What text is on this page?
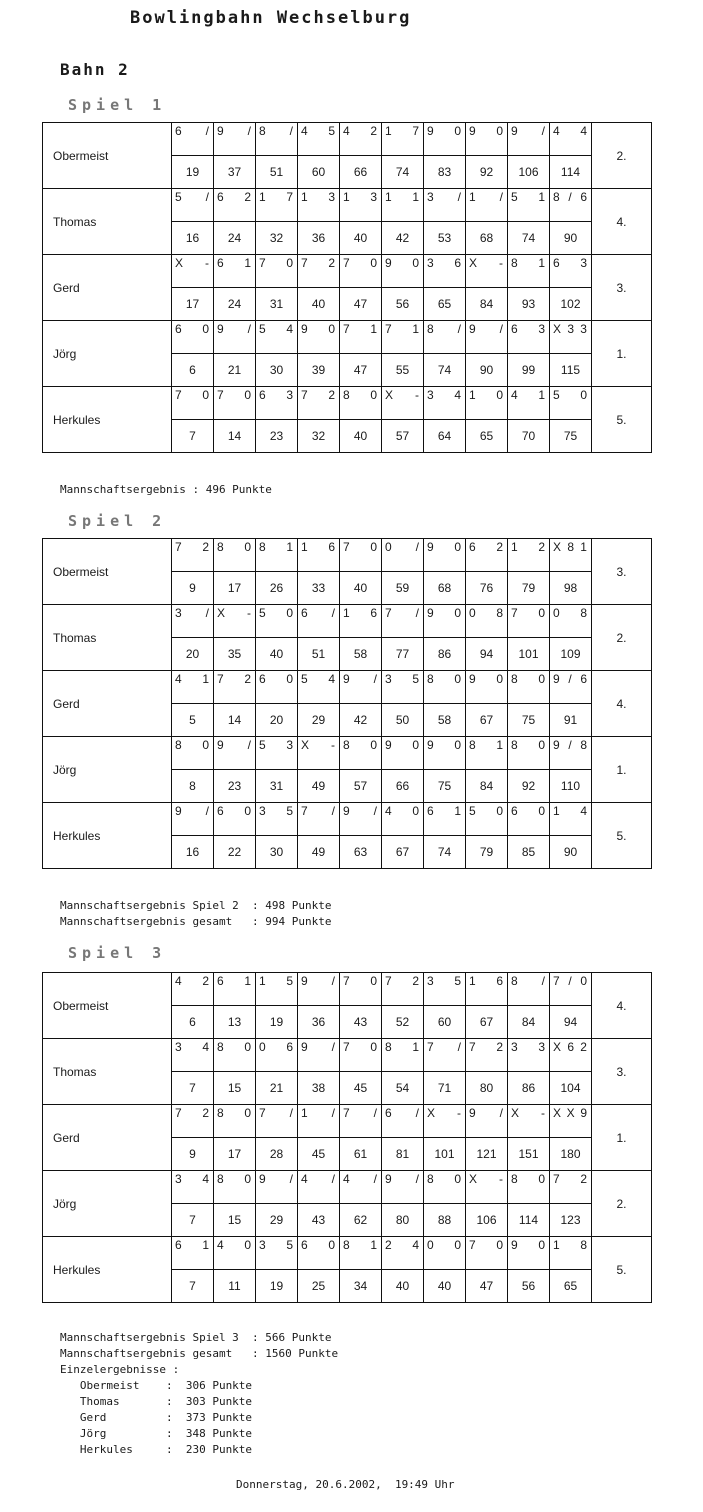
Bowlingbahn Wechselburg
Bahn 2
Spiel 1
Obermeist	6 /	9 /	8 /	4 5	4 2	1 7	9 0	9 0	9 /	4 4	2.
	19	37	51	60	66	74	83	92	106	114	
Thomas	5 /	6 2	1 7	1 3	1 3	1 1	3 /	1 /	5 1	8 / 6	4.
	16	24	32	36	40	42	53	68	74	90	
Gerd	X -	6 1	7 0	7 2	7 0	9 0	3 6	X -	8 1	6 3	3.
	17	24	31	40	47	56	65	84	93	102	
Jörg	6 0	9 /	5 4	9 0	7 1	7 1	8 /	9 /	6 3	X 3 3	1.
	6	21	30	39	47	55	74	90	99	115	
Herkules	7 0	7 0	6 3	7 2	8 0	X -	3 4	1 0	4 1	5 0	5.
	7	14	23	32	40	57	64	65	70	75	
Mannschaftsergebnis : 496 Punkte
Spiel 2
Obermeist	7 2	8 0	8 1	1 6	7 0	0 /	9 0	6 2	1 2	X 8 1	3.
	9	17	26	33	40	59	68	76	79	98	
Thomas	3 /	X -	5 0	6 /	1 6	7 /	9 0	0 8	7 0	0 8	2.
	20	35	40	51	58	77	86	94	101	109	
Gerd	4 1	7 2	6 0	5 4	9 /	3 5	8 0	9 0	8 0	9 / 6	4.
	5	14	20	29	42	50	58	67	75	91	
Jörg	8 0	9 /	5 3	X -	8 0	9 0	9 0	8 1	8 0	9 / 8	1.
	8	23	31	49	57	66	75	84	92	110	
Herkules	9 /	6 0	3 5	7 /	9 /	4 0	6 1	5 0	6 0	1 4	5.
	16	22	30	49	63	67	74	79	85	90	
Mannschaftsergebnis Spiel 2  : 498 Punkte
Mannschaftsergebnis gesamt   : 994 Punkte
Spiel 3
Obermeist	4 2	6 1	1 5	9 /	7 0	7 2	3 5	1 6	8 /	7 / 0	4.
	6	13	19	36	43	52	60	67	84	94	
Thomas	3 4	8 0	0 6	9 /	7 0	8 1	7 /	7 2	3 3	X 6 2	3.
	7	15	21	38	45	54	71	80	86	104	
Gerd	7 2	8 0	7 /	1 /	7 /	6 /	X -	9 /	X -	X X 9	1.
	9	17	28	45	61	81	101	121	151	180	
Jörg	3 4	8 0	9 /	4 /	4 /	9 /	8 0	X -	8 0	7 2	2.
	7	15	29	43	62	80	88	106	114	123	
Herkules	6 1	4 0	3 5	6 0	8 1	2 4	0 0	7 0	9 0	1 8	5.
	7	11	19	25	34	40	40	47	56	65	
Mannschaftsergebnis Spiel 3  : 566 Punkte
Mannschaftsergebnis gesamt   : 1560 Punkte
Einzelergebnisse :
Obermeist    :  306 Punkte
Thomas       :  303 Punkte
Gerd         :  373 Punkte
Jörg         :  348 Punkte
Herkules     :  230 Punkte
Donnerstag, 20.6.2002,  19:49 Uhr
